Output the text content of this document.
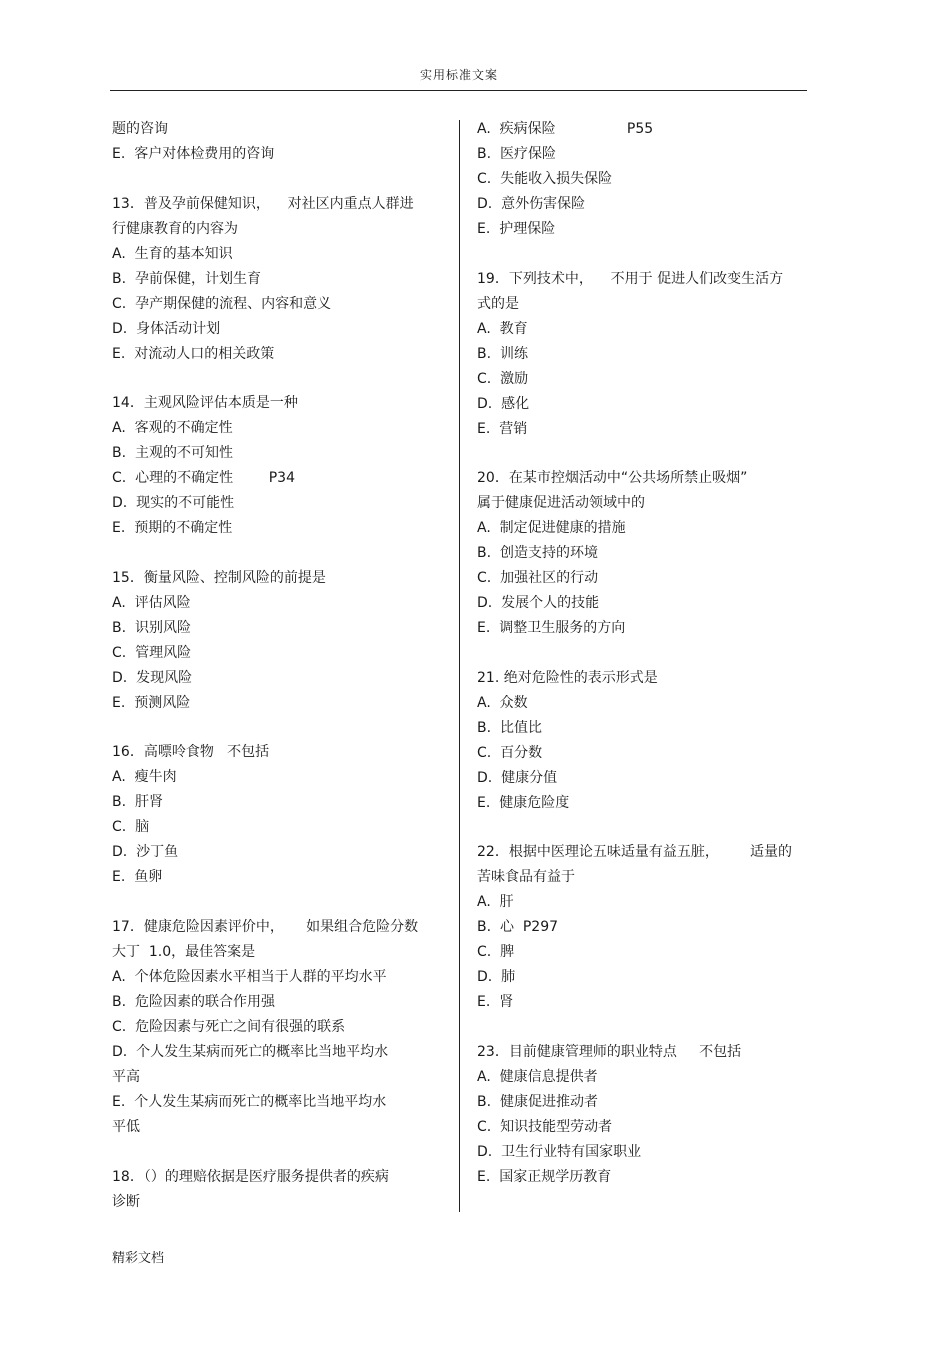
实用标准文案
题的咨询
E.  客户对体检费用的咨询
13．普及孕前保健知识，    对社区内重点人群进
行健康教育的内容为
A.  生育的基本知识
B.  孕前保健，计划生育
C.  孕产期保健的流程、内容和意义
D.  身体活动计划
E.  对流动人口的相关政策
14．主观风险评估本质是一种
A.  客观的不确定性
B.  主观的不可知性
C.  心理的不确定性        P34
D.  现实的不可能性
E.  预期的不确定性
15．衡量风险、控制风险的前提是
A.  评估风险
B.  识别风险
C.  管理风险
D.  发现风险
E.  预测风险
16．高嘌呤食物   不包括
A.  瘦牛肉
B.  肝肾
C.  脑
D.  沙丁鱼
E.  鱼卵
17．健康危险因素评价中，     如果组合危险分数
大丁  1.0，最佳答案是
A.  个体危险因素水平相当于人群的平均水平
B.  危险因素的联合作用强
C.  危险因素与死亡之间有很强的联系
D.  个人发生某病而死亡的概率比当地平均水
平高
E.  个人发生某病而死亡的概率比当地平均水
平低
18．（）的理赔依据是医疗服务提供者的疾病
诊断
A.  疾病保险                P55
B.  医疗保险
C.  失能收入损失保险
D.  意外伤害保险
E.  护理保险
19．下列技术中，    不用于 促进人们改变生活方
式的是
A.  教育
B.  训练
C.  激励
D.  感化
E.  营销
20．在某市控烟活动中“公共场所禁止吸烟”
属于健康促进活动领域中的
A.  制定促进健康的措施
B.  创造支持的环境
C.  加强社区的行动
D.  发展个人的技能
E.  调整卫生服务的方向
21. 绝对危险性的表示形式是
A.  众数
B.  比值比
C.  百分数
D.  健康分值
E.  健康危险度
22．根据中医理论五味适量有益五脏，       适量的
苦味食品有益于
A.  肝
B.  心  P297
C.  脾
D.  肺
E.  肾
23．目前健康管理师的职业特点     不包括
A.  健康信息提供者
B.  健康促进推动者
C.  知识技能型劳动者
D.  卫生行业特有国家职业
E.  国家正规学历教育
精彩文档
